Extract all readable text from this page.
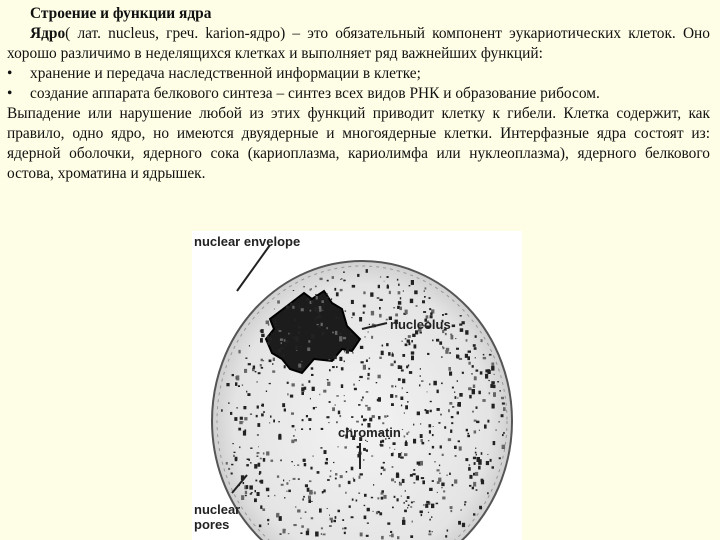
Строение и функции ядра

Ядро( лат. nucleus, греч. karion-ядро) – это обязательный компонент эукариотических клеток. Оно хорошо различимо в неделящихся клетках и выполняет ряд важнейших функций:

•	хранение и передача наследственной информации в клетке;

•	создание аппарата белкового синтеза – синтез всех видов РНК и образование рибосом.

Выпадение или нарушение любой из этих функций приводит клетку к гибели. Клетка содержит, как правило, одно ядро, но имеются двуядерные и многоядерные клетки. Интерфазные ядра состоят из: ядерной оболочки, ядерного сока (кариоплазма, кариолимфа или нуклеоплазма), ядерного белкового остова, хроматина и ядрышек.

nuclear envelope
nucleolus
chromatin
nuclear
pores
